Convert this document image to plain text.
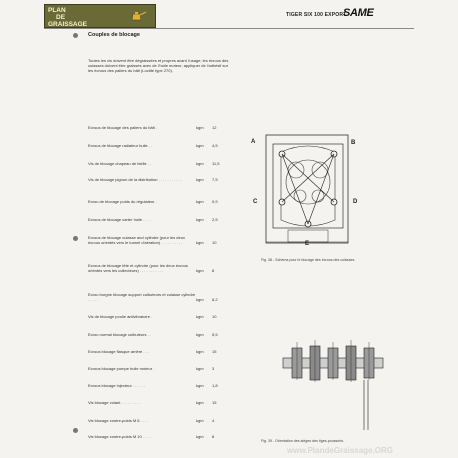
PLAN
DE
GRAISSAGE
TIGER SIX 100 EXPORT
SAME
Couples de blocage
Toutes les vis doivent être dégraissées et propres avant l'usage; les écrous des culasses doivent être graissés avec de l'huile moteur; appliquer de l'adhésif sur les écrous des paliers du bâti (Loctite type 270).
Ecrous de blocage des paliers du bâti .	kgm 12
Ecrous de blocage radiateur huile . .	kgm 4,5
Vis de blocage chapeau de bielle . .	kgm 11,5
Vis de blocage pignon de la distribution . . . . . . . . . . .	kgm 7,5
Ecrou de blocage poids du régulateur .	kgm 0,9
Ecrous de blocage carter huile . . . .	kgm 2,5
Ecrous de blocage culasse and cylindre (pour les deux écrous orientés vers le tunnel d'aération) . . . . . . . . . .	kgm 10
Ecrous de blocage tête et cylindre (pour les deux écrous orientés vers les collecteurs) . . . . . . . . . . .	kgm 8
Ecrou borgne blocage support culbuteurs et culasse cylindre . . . . .	kgm 6,2
Vis de blocage poulie antivibratoire .	kgm 10
Ecrou normal blocage culbuteurs . .	kgm 5,5
Ecrous blocage flasque arrière . . .	kgm 15
Ecrous blocage pompe huile moteur .	kgm 3
Ecrous blocage injecteur . . . . . .	kgm 1,8
Vis blocage volant . . . . . . . . .	kgm 15
Vis blocage contre-poids M 8 . . . .	kgm 4
Vis blocage contre-poids M 10 . . . .	kgm 8
A	B
C	D
E
Fig. 38 - Schéma pour le blocage des écrous des culasses.
Fig. 39 - Orientation des alèges des tiges-poussoirs.
www.PlandeGraissage.ORG
